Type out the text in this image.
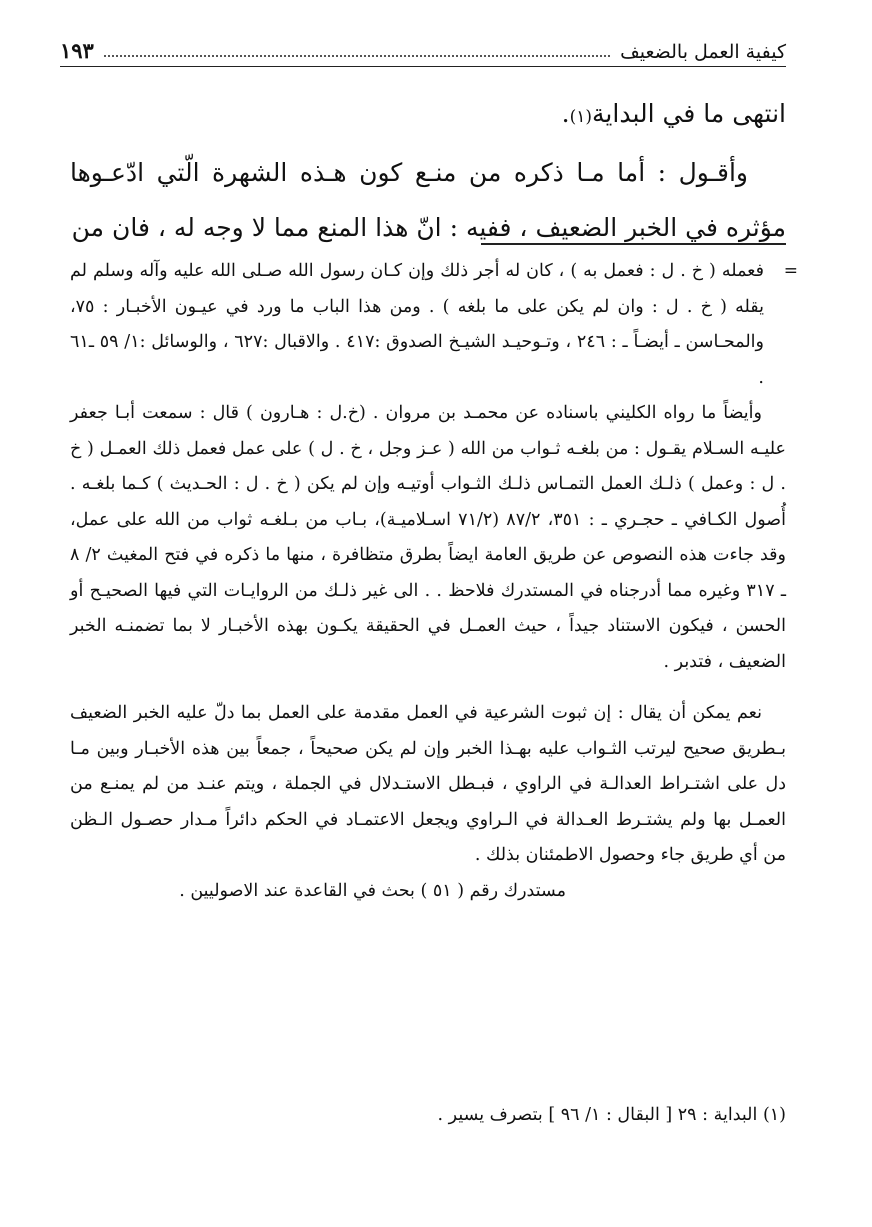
كيفية العمل بالضعيف
١٩٣

انتهى ما في البداية(١).

وأقـول : أما مـا ذكره من منـع كون هـذه الشهرة الّتي ادّعـوها مؤثره في الخبر الضعيف ، ففيه : انّ هذا المنع مما لا وجه له ، فان من

=
فعمله ( خ . ل : فعمل به ) ، كان له أجر ذلك وإن كـان رسول الله صـلى الله عليه وآله وسلم لم يقله ( خ . ل : وان لم يكن على ما بلغه ) . ومن هذا الباب ما ورد في عيـون الأخبـار : ٧٥، والمحـاسن ـ أيضـاً ـ : ٢٤٦ ، وتـوحيـد الشيـخ الصدوق :٤١٧ . والاقبال :٦٢٧ ، والوسائل :١/ ٥٩ ـ٦١ .

وأيضاً ما رواه الكليني باسناده عن محمـد بن مروان . (خ.ل : هـارون ) قال : سمعت أبـا جعفر عليـه السـلام يقـول : من بلغـه ثـواب من الله ( عـز وجل ، خ . ل ) على عمل فعمل ذلك العمـل ( خ . ل : وعمل ) ذلـك العمل التمـاس ذلـك الثـواب أوتيـه وإن لم يكن ( خ . ل : الحـديث ) كـما بلغـه . أُصول الكـافي ـ حجـري ـ : ٣٥١، ٨٧/٢ (٧١/٢ اسـلاميـة)، بـاب من بـلغـه ثواب من الله على عمل، وقد جاءت هذه النصوص عن طريق العامة ايضاً بطرق متظافرة ، منها ما ذكره في فتح المغيث ٢/ ٨ ـ ٣١٧ وغيره مما أدرجناه في المستدرك فلاحظ . . الى غير ذلـك من الروايـات التي فيها الصحيـح أو الحسن ، فيكون الاستناد جيداً ، حيث العمـل في الحقيقة يكـون بهذه الأخبـار لا بما تضمنـه الخبر الضعيف ، فتدبر .

نعم يمكن أن يقال : إن ثبوت الشرعية في العمل مقدمة على العمل بما دلّ عليه الخبر الضعيف بـطريق صحيح ليرتب الثـواب عليه بهـذا الخبر وإن لم يكن صحيحاً ، جمعاً بين هذه الأخبـار وبين مـا دل على اشتـراط العدالـة في الراوي ، فبـطل الاستـدلال في الجملة ، ويتم عنـد من لم يمنـع من العمـل بها ولم يشتـرط العـدالة في الـراوي ويجعل الاعتمـاد في الحكم دائراً مـدار حصـول الـظن من أي طريق جاء وحصول الاطمئنان بذلك .

مستدرك رقم ( ٥١ ) بحث في القاعدة عند الاصوليين .

(١) البداية : ٢٩ [ البقال : ١/ ٩٦ ] بتصرف يسير .
